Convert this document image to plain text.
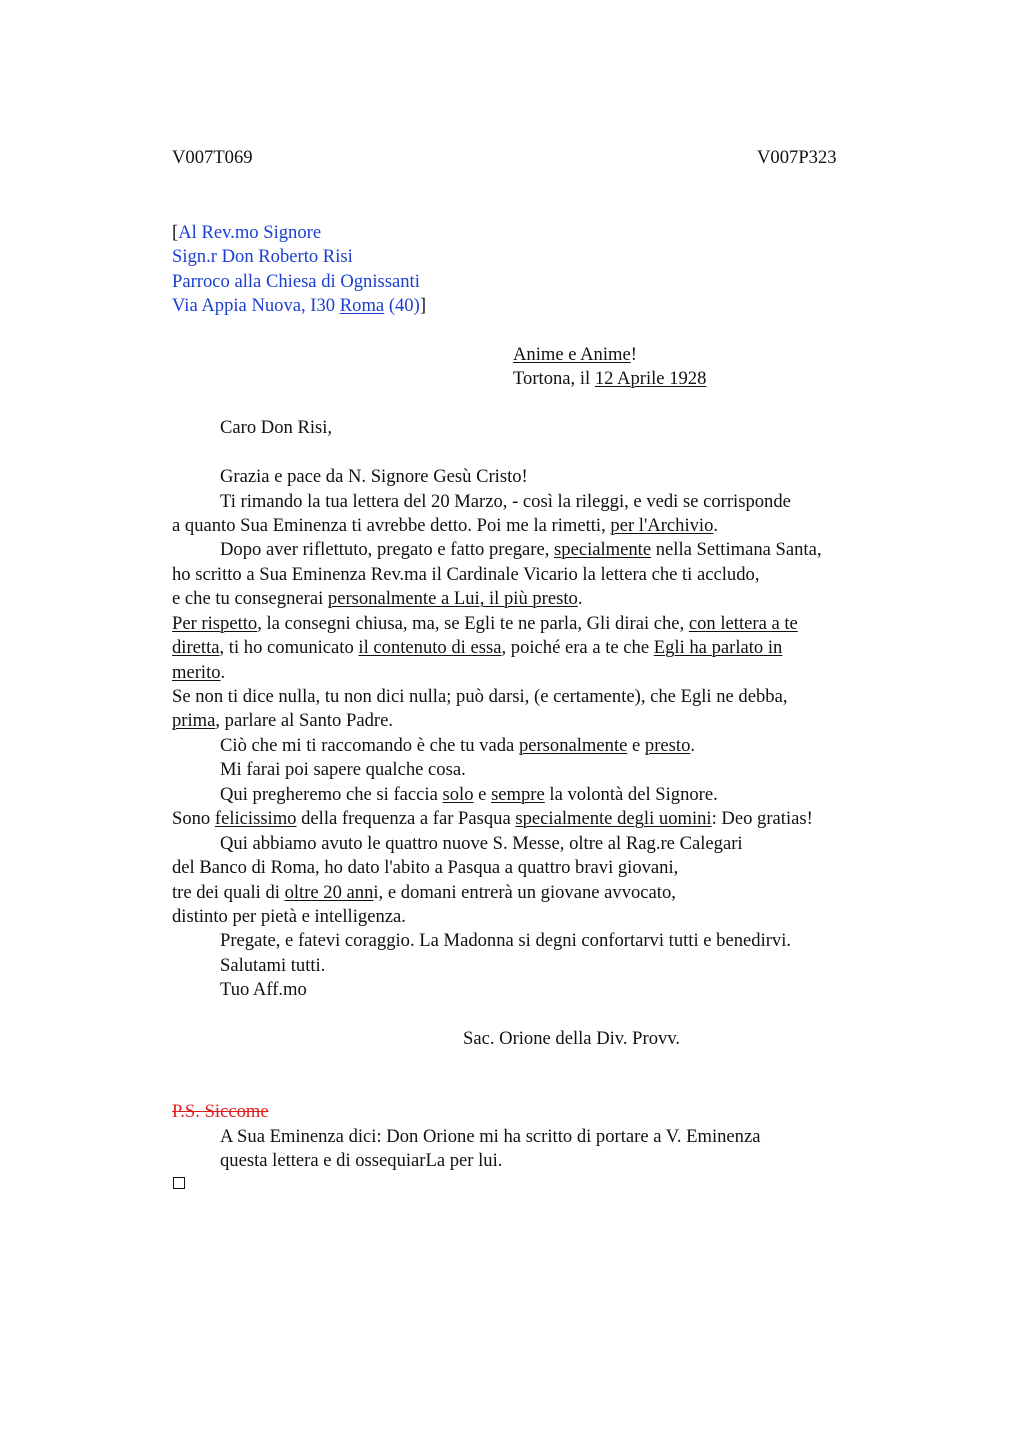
V007T069	V007P323
[Al Rev.mo Signore
Sign.r Don Roberto Risi
Parroco alla Chiesa di Ognissanti
Via Appia Nuova, I30 Roma (40)]
Anime e Anime!
Tortona, il 12 Aprile 1928
Caro Don Risi,
Grazia e pace da N. Signore Gesù Cristo!
Ti rimando la tua lettera del 20 Marzo, - così la rileggi, e vedi se corrisponde
a quanto Sua Eminenza ti avrebbe detto. Poi me la rimetti, per l'Archivio.
Dopo aver riflettuto, pregato e fatto pregare, specialmente nella Settimana Santa,
ho scritto a Sua Eminenza Rev.ma il Cardinale Vicario la lettera che ti accludo,
e che tu consegnerai personalmente a Lui, il più presto.
Per rispetto, la consegni chiusa, ma, se Egli te ne parla, Gli dirai che, con lettera a te
diretta, ti ho comunicato il contenuto di essa, poiché era a te che Egli ha parlato in
merito.
Se non ti dice nulla, tu non dici nulla; può darsi, (e certamente), che Egli ne debba,
prima, parlare al Santo Padre.
Ciò che mi ti raccomando è che tu vada personalmente e presto.
Mi farai poi sapere qualche cosa.
Qui pregheremo che si faccia solo e sempre la volontà del Signore.
Sono felicissimo della frequenza a far Pasqua specialmente degli uomini: Deo gratias!
Qui abbiamo avuto le quattro nuove S. Messe, oltre al Rag.re Calegari
del Banco di Roma, ho dato l'abito a Pasqua a quattro bravi giovani,
tre dei quali di oltre 20 anni, e domani entrerà un giovane avvocato,
distinto per pietà e intelligenza.
Pregate, e fatevi coraggio. La Madonna si degni confortarvi tutti e benedirvi.
Salutami tutti.
Tuo Aff.mo
Sac. Orione della Div. Provv.
P.S. Siccome
A Sua Eminenza dici: Don Orione mi ha scritto di portare a V. Eminenza
questa lettera e di ossequiarLa per lui.
